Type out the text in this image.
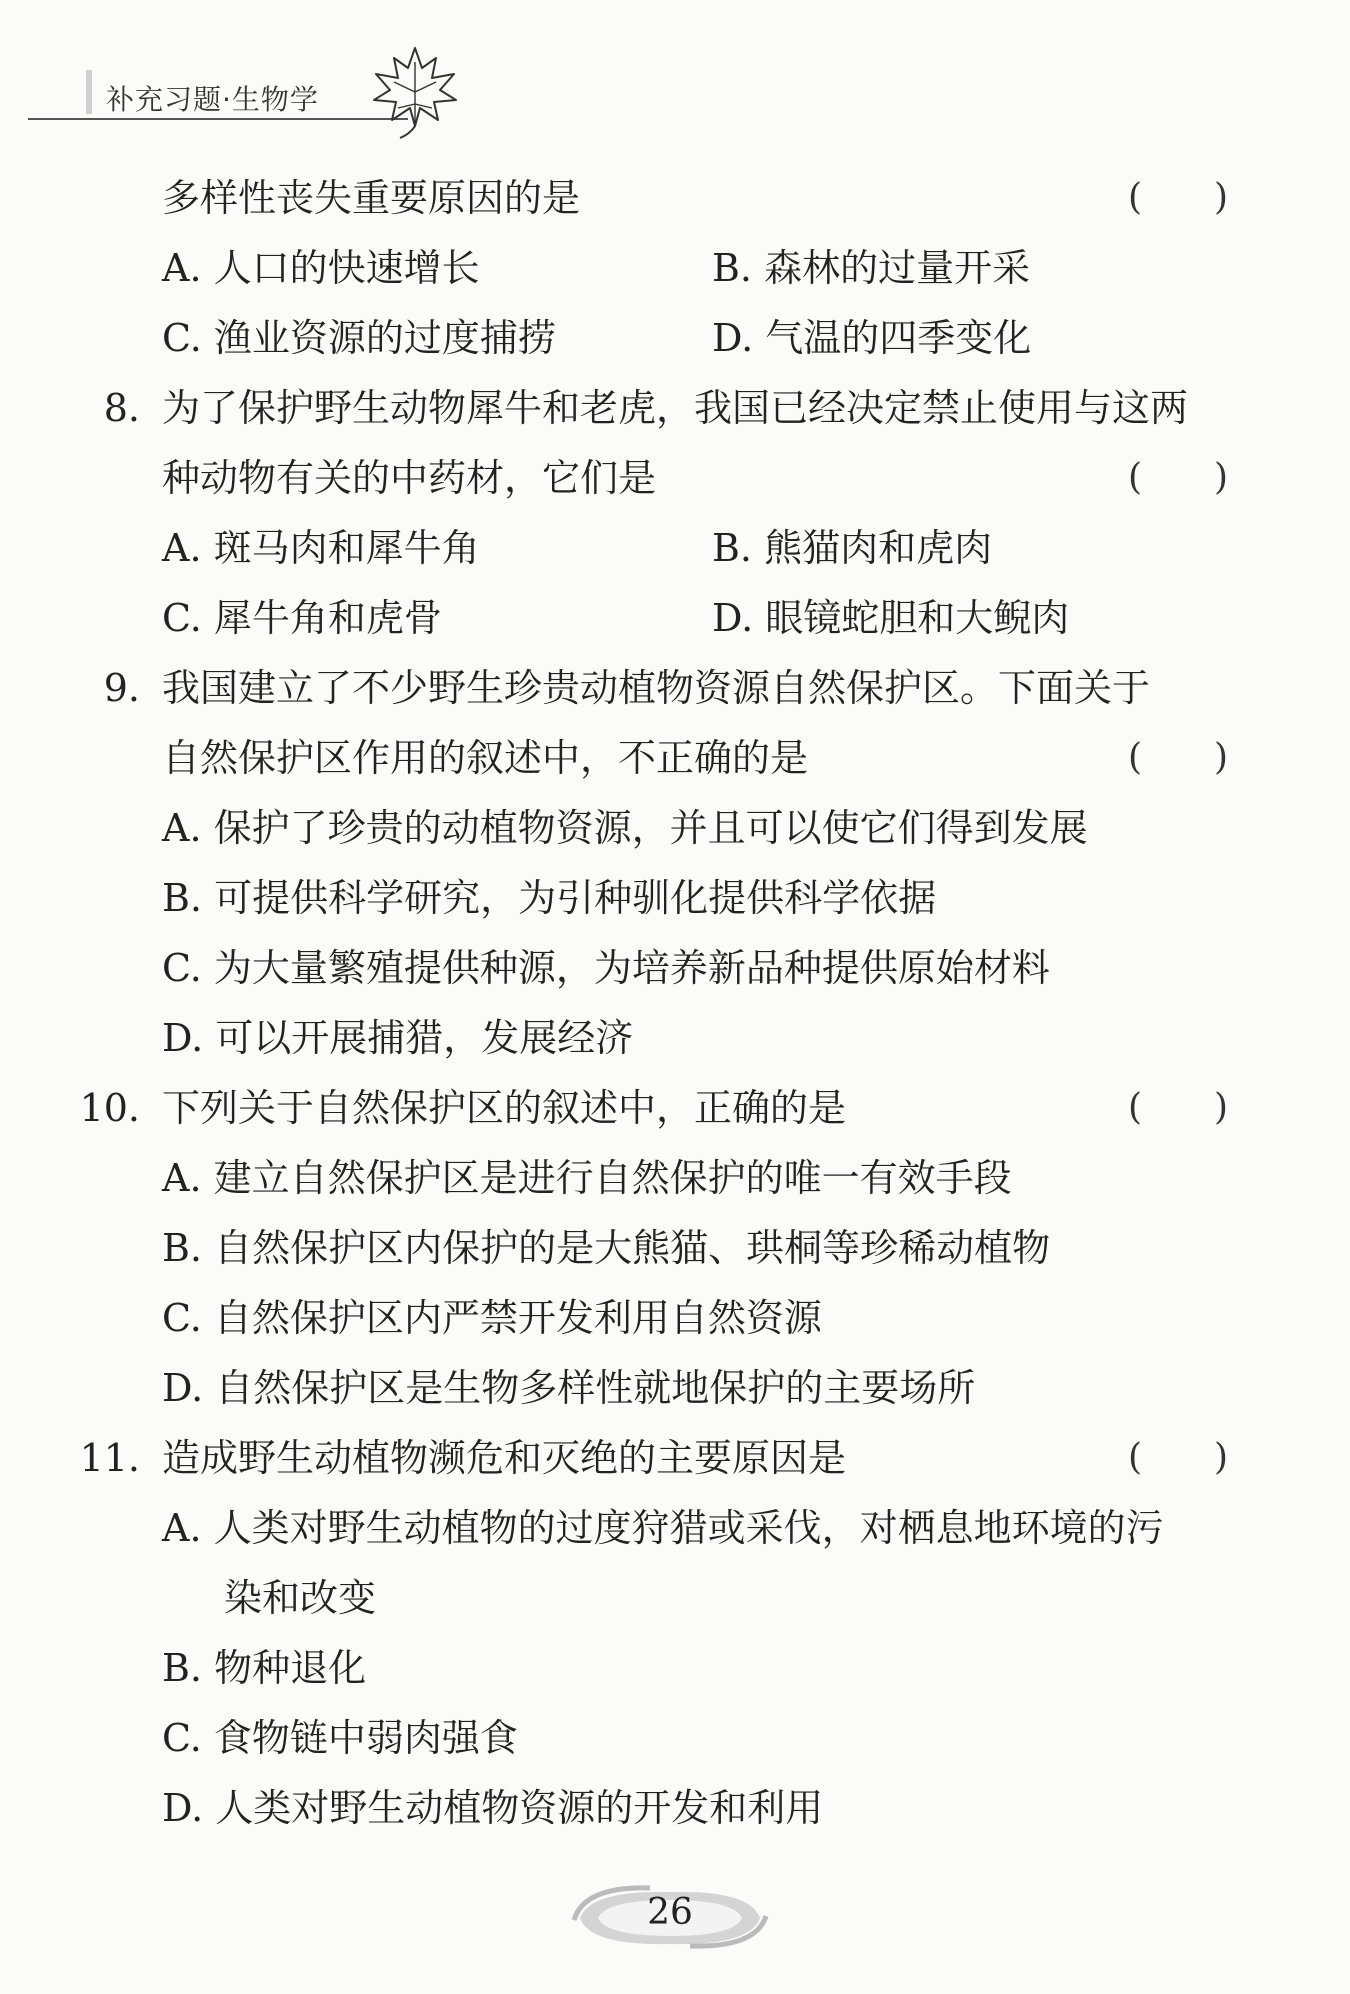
补充习题·生物学
多样性丧失重要原因的是	(　　)
A. 人口的快速增长	B. 森林的过量开采
C. 渔业资源的过度捕捞	D. 气温的四季变化
8. 为了保护野生动物犀牛和老虎，我国已经决定禁止使用与这两
种动物有关的中药材，它们是	(　　)
A. 斑马肉和犀牛角	B. 熊猫肉和虎肉
C. 犀牛角和虎骨	D. 眼镜蛇胆和大鲵肉
9. 我国建立了不少野生珍贵动植物资源自然保护区。下面关于
自然保护区作用的叙述中，不正确的是	(　　)
A. 保护了珍贵的动植物资源，并且可以使它们得到发展
B. 可提供科学研究，为引种驯化提供科学依据
C. 为大量繁殖提供种源，为培养新品种提供原始材料
D. 可以开展捕猎，发展经济
10. 下列关于自然保护区的叙述中，正确的是	(　　)
A. 建立自然保护区是进行自然保护的唯一有效手段
B. 自然保护区内保护的是大熊猫、珙桐等珍稀动植物
C. 自然保护区内严禁开发利用自然资源
D. 自然保护区是生物多样性就地保护的主要场所
11. 造成野生动植物濒危和灭绝的主要原因是	(　　)
A. 人类对野生动植物的过度狩猎或采伐，对栖息地环境的污
染和改变
B. 物种退化
C. 食物链中弱肉强食
D. 人类对野生动植物资源的开发和利用
26
